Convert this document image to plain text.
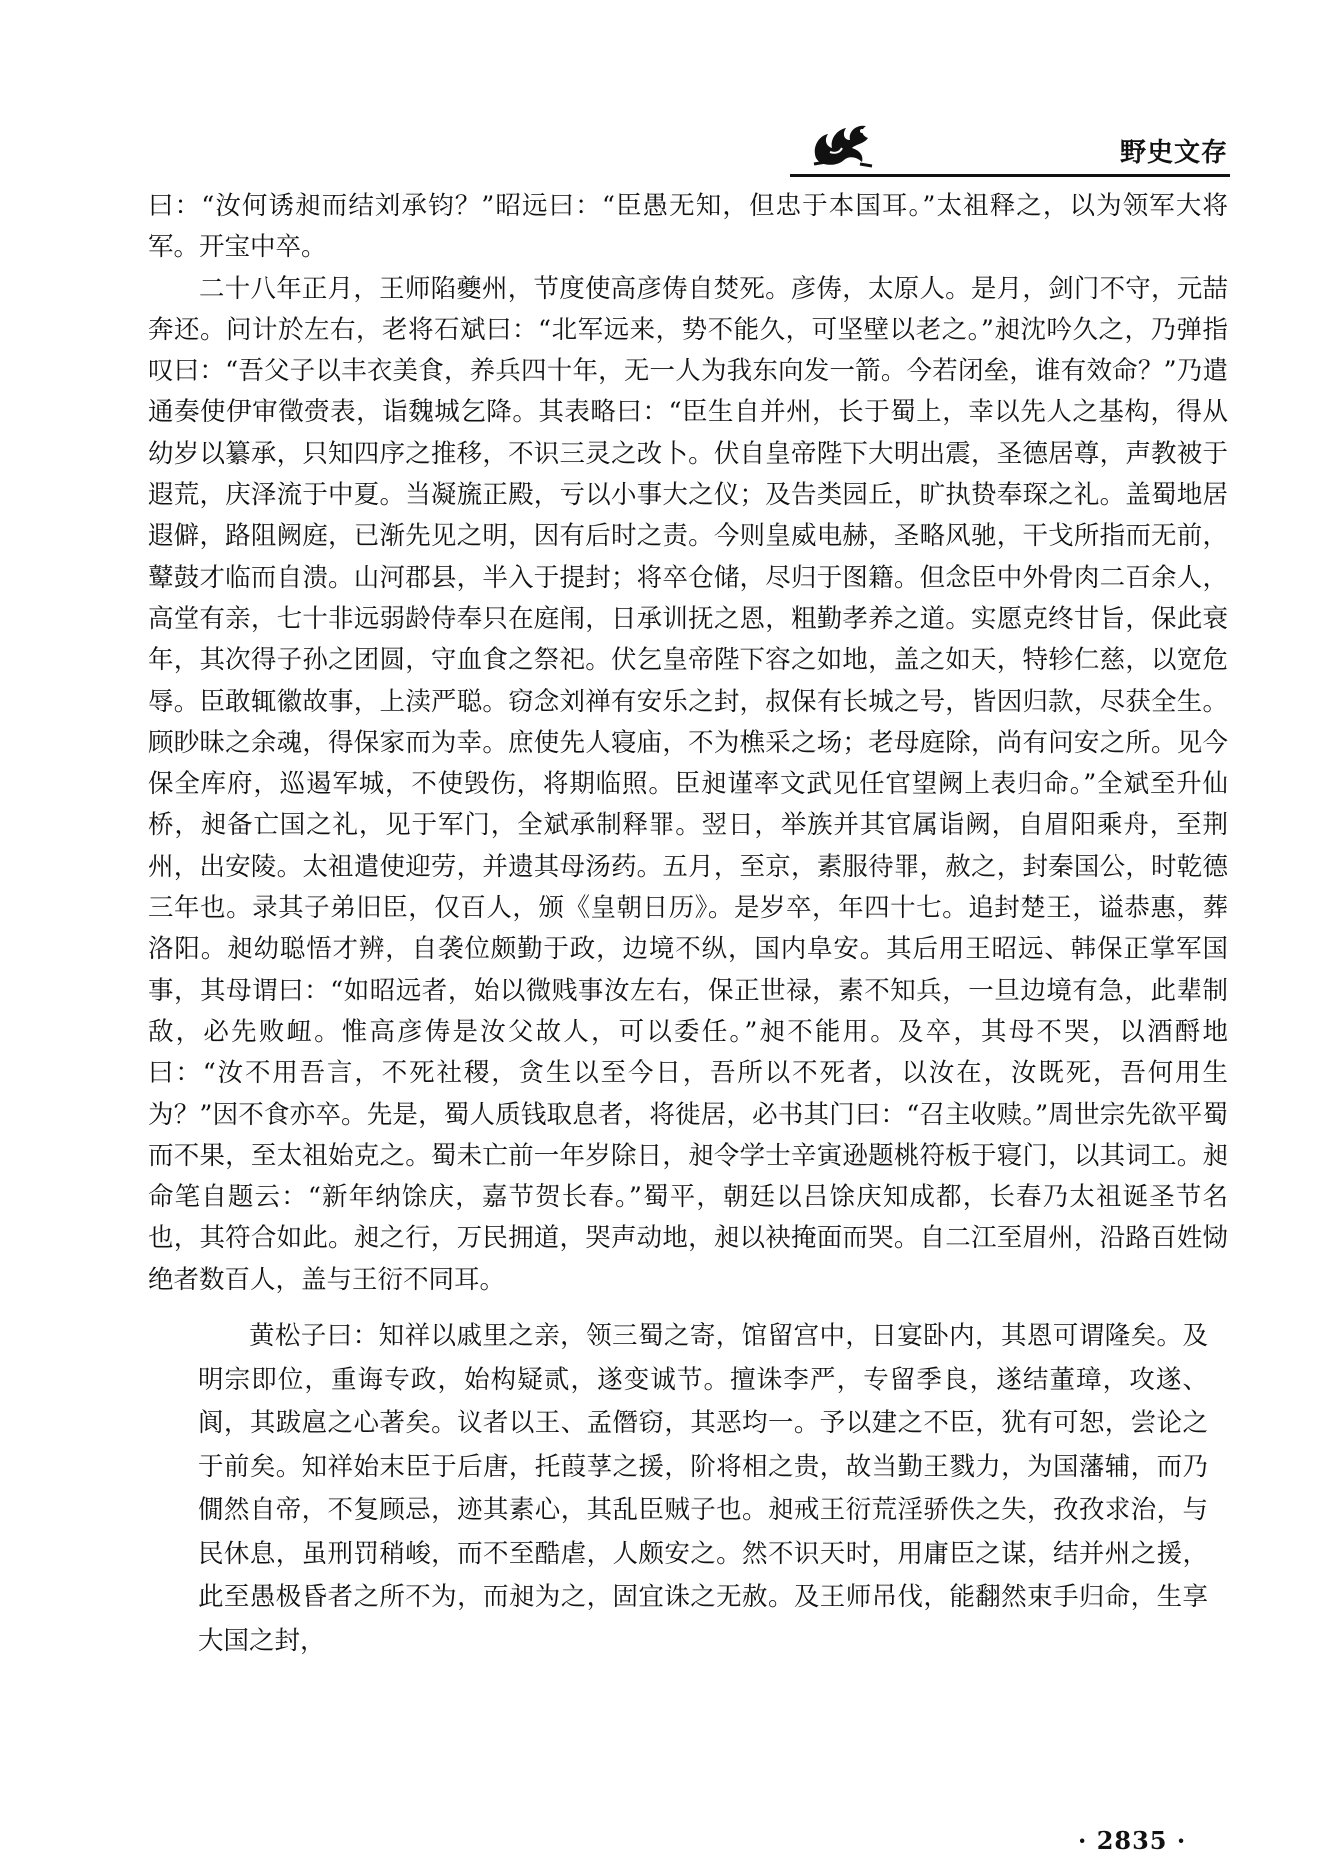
野史文存

曰：“汝何诱昶而结刘承钧？”昭远曰：“臣愚无知，但忠于本国耳。”太祖释之，以为领军大将军。开宝中卒。

二十八年正月，王师陷夔州，节度使高彦俦自焚死。彦俦，太原人。是月，剑门不守，元喆奔还。问计於左右，老将石斌曰：“北军远来，势不能久，可坚壁以老之。”昶沈吟久之，乃弹指叹曰：“吾父子以丰衣美食，养兵四十年，无一人为我东向发一箭。今若闭垒，谁有效命？”乃遣通奏使伊审徵赍表，诣魏城乞降。其表略曰：“臣生自并州，长于蜀上，幸以先人之基构，得从幼岁以纂承，只知四序之推移，不识三灵之改卜。伏自皇帝陛下大明出震，圣德居尊，声教被于遐荒，庆泽流于中夏。当凝旒正殿，亏以小事大之仪；及告类园丘，旷执贽奉琛之礼。盖蜀地居遐僻，路阻阙庭，已渐先见之明，因有后时之责。今则皇威电赫，圣略风驰，干戈所指而无前，鼙鼓才临而自溃。山河郡县，半入于提封；将卒仓储，尽归于图籍。但念臣中外骨肉二百余人，高堂有亲，七十非远弱龄侍奉只在庭闱，日承训抚之恩，粗勤孝养之道。实愿克终甘旨，保此衰年，其次得子孙之团圆，守血食之祭祀。伏乞皇帝陛下容之如地，盖之如天，特轸仁慈，以宽危辱。臣敢辄徽故事，上渎严聪。窃念刘禅有安乐之封，叔保有长城之号，皆因归款，尽获全生。顾眇昧之余魂，得保家而为幸。庶使先人寝庙，不为樵采之场；老母庭除，尚有问安之所。见今保全库府，巡遏军城，不使毁伤，将期临照。臣昶谨率文武见任官望阙上表归命。”全斌至升仙桥，昶备亡国之礼，见于军门，全斌承制释罪。翌日，举族并其官属诣阙，自眉阳乘舟，至荆州，出安陵。太祖遣使迎劳，并遗其母汤药。五月，至京，素服待罪，赦之，封秦国公，时乾德三年也。录其子弟旧臣，仅百人，颁《皇朝日历》。是岁卒，年四十七。追封楚王，谥恭惠，葬洛阳。昶幼聪悟才辨，自袭位颇勤于政，边境不纵，国内阜安。其后用王昭远、韩保正掌军国事，其母谓曰：“如昭远者，始以微贱事汝左右，保正世禄，素不知兵，一旦边境有急，此辈制敌，必先败衄。惟高彦俦是汝父故人，可以委任。”昶不能用。及卒，其母不哭，以酒酹地曰：“汝不用吾言，不死社稷，贪生以至今日，吾所以不死者，以汝在，汝既死，吾何用生为？”因不食亦卒。先是，蜀人质钱取息者，将徙居，必书其门曰：“召主收赎。”周世宗先欲平蜀而不果，至太祖始克之。蜀未亡前一年岁除日，昶令学士辛寅逊题桃符板于寝门，以其词工。昶命笔自题云：“新年纳馀庆，嘉节贺长春。”蜀平，朝廷以吕馀庆知成都，长春乃太祖诞圣节名也，其符合如此。昶之行，万民拥道，哭声动地，昶以袂掩面而哭。自二江至眉州，沿路百姓恸绝者数百人，盖与王衍不同耳。

黄松子曰：知祥以戚里之亲，领三蜀之寄，馆留宫中，日宴卧内，其恩可谓隆矣。及明宗即位，重诲专政，始构疑贰，遂变诚节。擅诛李严，专留季良，遂结董璋，攻遂、阆，其跋扈之心著矣。议者以王、孟僭窃，其恶均一。予以建之不臣，犹有可恕，尝论之于前矣。知祥始末臣于后唐，托葭莩之援，阶将相之贵，故当勤王戮力，为国藩辅，而乃僩然自帝，不复顾忌，迹其素心，其乱臣贼子也。昶戒王衍荒淫骄佚之失，孜孜求治，与民休息，虽刑罚稍峻，而不至酷虐，人颇安之。然不识天时，用庸臣之谋，结并州之援，此至愚极昏者之所不为，而昶为之，固宜诛之无赦。及王师吊伐，能翻然束手归命，生享大国之封，

· 2835 ·
